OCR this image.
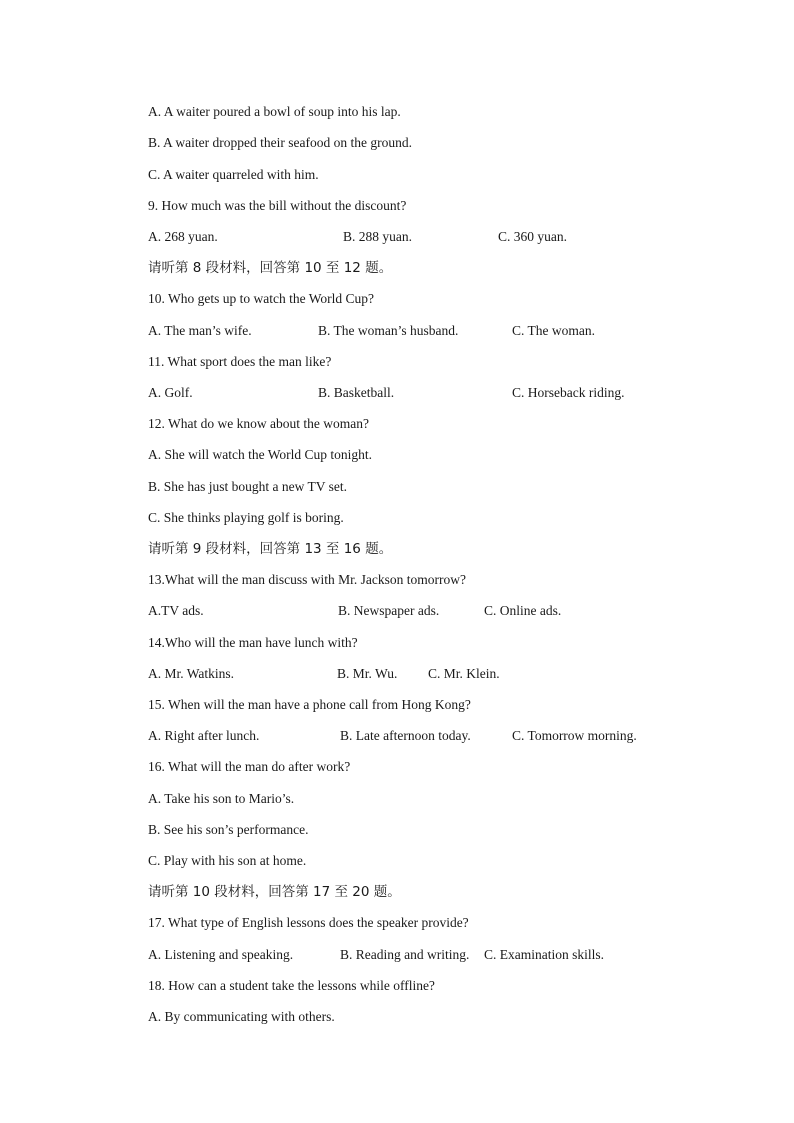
A. A waiter poured a bowl of soup into his lap.
B. A waiter dropped their seafood on the ground.
C. A waiter quarreled with him.
9. How much was the bill without the discount?
A. 268 yuan.	B. 288 yuan.	C. 360 yuan.
请听第 8 段材料，回答第 10 至 12 题。
10. Who gets up to watch the World Cup?
A. The man’s wife.	B. The woman’s husband.	C. The woman.
11. What sport does the man like?
A. Golf.	B. Basketball.	C. Horseback riding.
12. What do we know about the woman?
A. She will watch the World Cup tonight.
B. She has just bought a new TV set.
C. She thinks playing golf is boring.
请听第 9 段材料，回答第 13 至 16 题。
13.What will the man discuss with Mr. Jackson tomorrow?
A.TV ads.	B. Newspaper ads.	C. Online ads.
14.Who will the man have lunch with?
A. Mr. Watkins.	B. Mr. Wu. C. Mr. Klein.
15. When will the man have a phone call from Hong Kong?
A. Right after lunch.	B. Late afternoon today.	C. Tomorrow morning.
16. What will the man do after work?
A. Take his son to Mario’s.
B. See his son’s performance.
C. Play with his son at home.
请听第 10 段材料，回答第 17 至 20 题。
17. What type of English lessons does the speaker provide?
A. Listening and speaking.	B. Reading and writing. C. Examination skills.
18. How can a student take the lessons while offline?
A. By communicating with others.
